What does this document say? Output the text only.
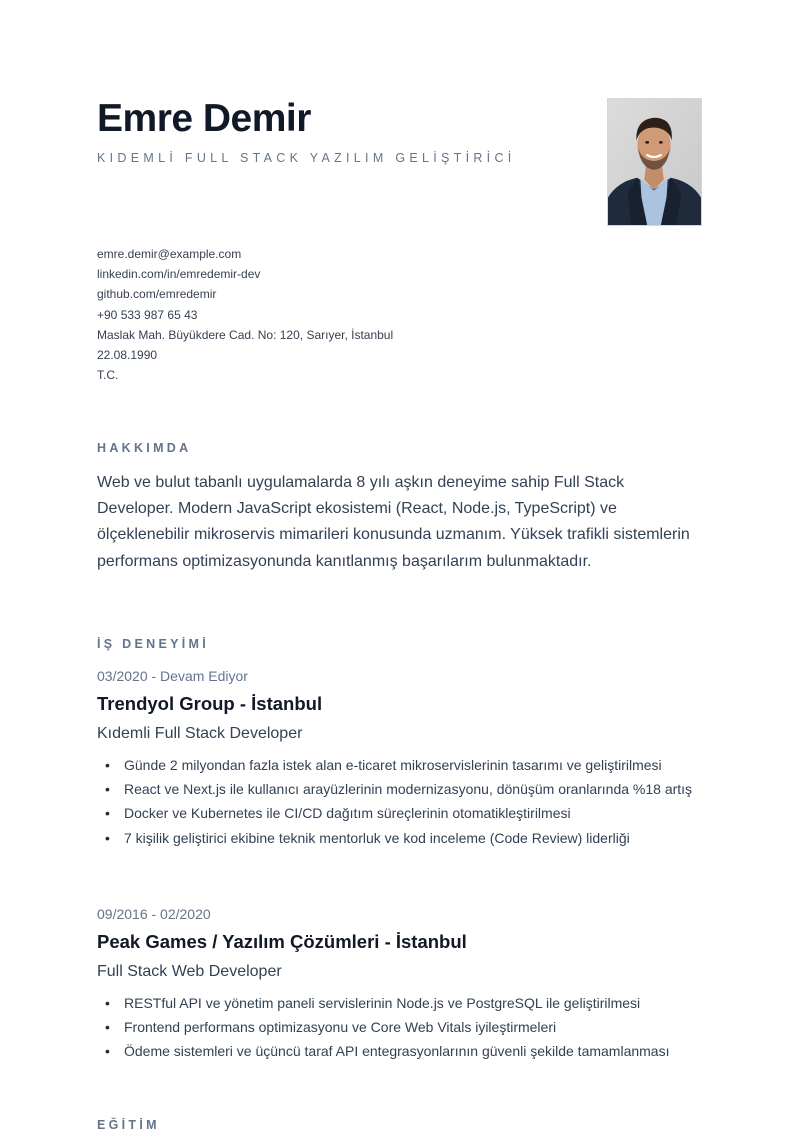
Emre Demir
KIDEMLİ FULL STACK YAZILIM GELİŞTİRİCİ
emre.demir@example.com
linkedin.com/in/emredemir-dev
github.com/emredemir
+90 533 987 65 43
Maslak Mah. Büyükdere Cad. No: 120, Sarıyer, İstanbul
22.08.1990
T.C.
HAKKIMDA
Web ve bulut tabanlı uygulamalarda 8 yılı aşkın deneyime sahip Full Stack Developer. Modern JavaScript ekosistemi (React, Node.js, TypeScript) ve ölçeklenebilir mikroservis mimarileri konusunda uzmanım. Yüksek trafikli sistemlerin performans optimizasyonunda kanıtlanmış başarılarım bulunmaktadır.
İŞ DENEYİMİ
03/2020 - Devam Ediyor
Trendyol Group - İstanbul
Kıdemli Full Stack Developer
• Günde 2 milyondan fazla istek alan e-ticaret mikroservislerinin tasarımı ve geliştirilmesi
• React ve Next.js ile kullanıcı arayüzlerinin modernizasyonu, dönüşüm oranlarında %18 artış
• Docker ve Kubernetes ile CI/CD dağıtım süreçlerinin otomatikleştirilmesi
• 7 kişilik geliştirici ekibine teknik mentorluk ve kod inceleme (Code Review) liderliği
09/2016 - 02/2020
Peak Games / Yazılım Çözümleri - İstanbul
Full Stack Web Developer
• RESTful API ve yönetim paneli servislerinin Node.js ve PostgreSQL ile geliştirilmesi
• Frontend performans optimizasyonu ve Core Web Vitals iyileştirmeleri
• Ödeme sistemleri ve üçüncü taraf API entegrasyonlarının güvenli şekilde tamamlanması
EĞİTİM
